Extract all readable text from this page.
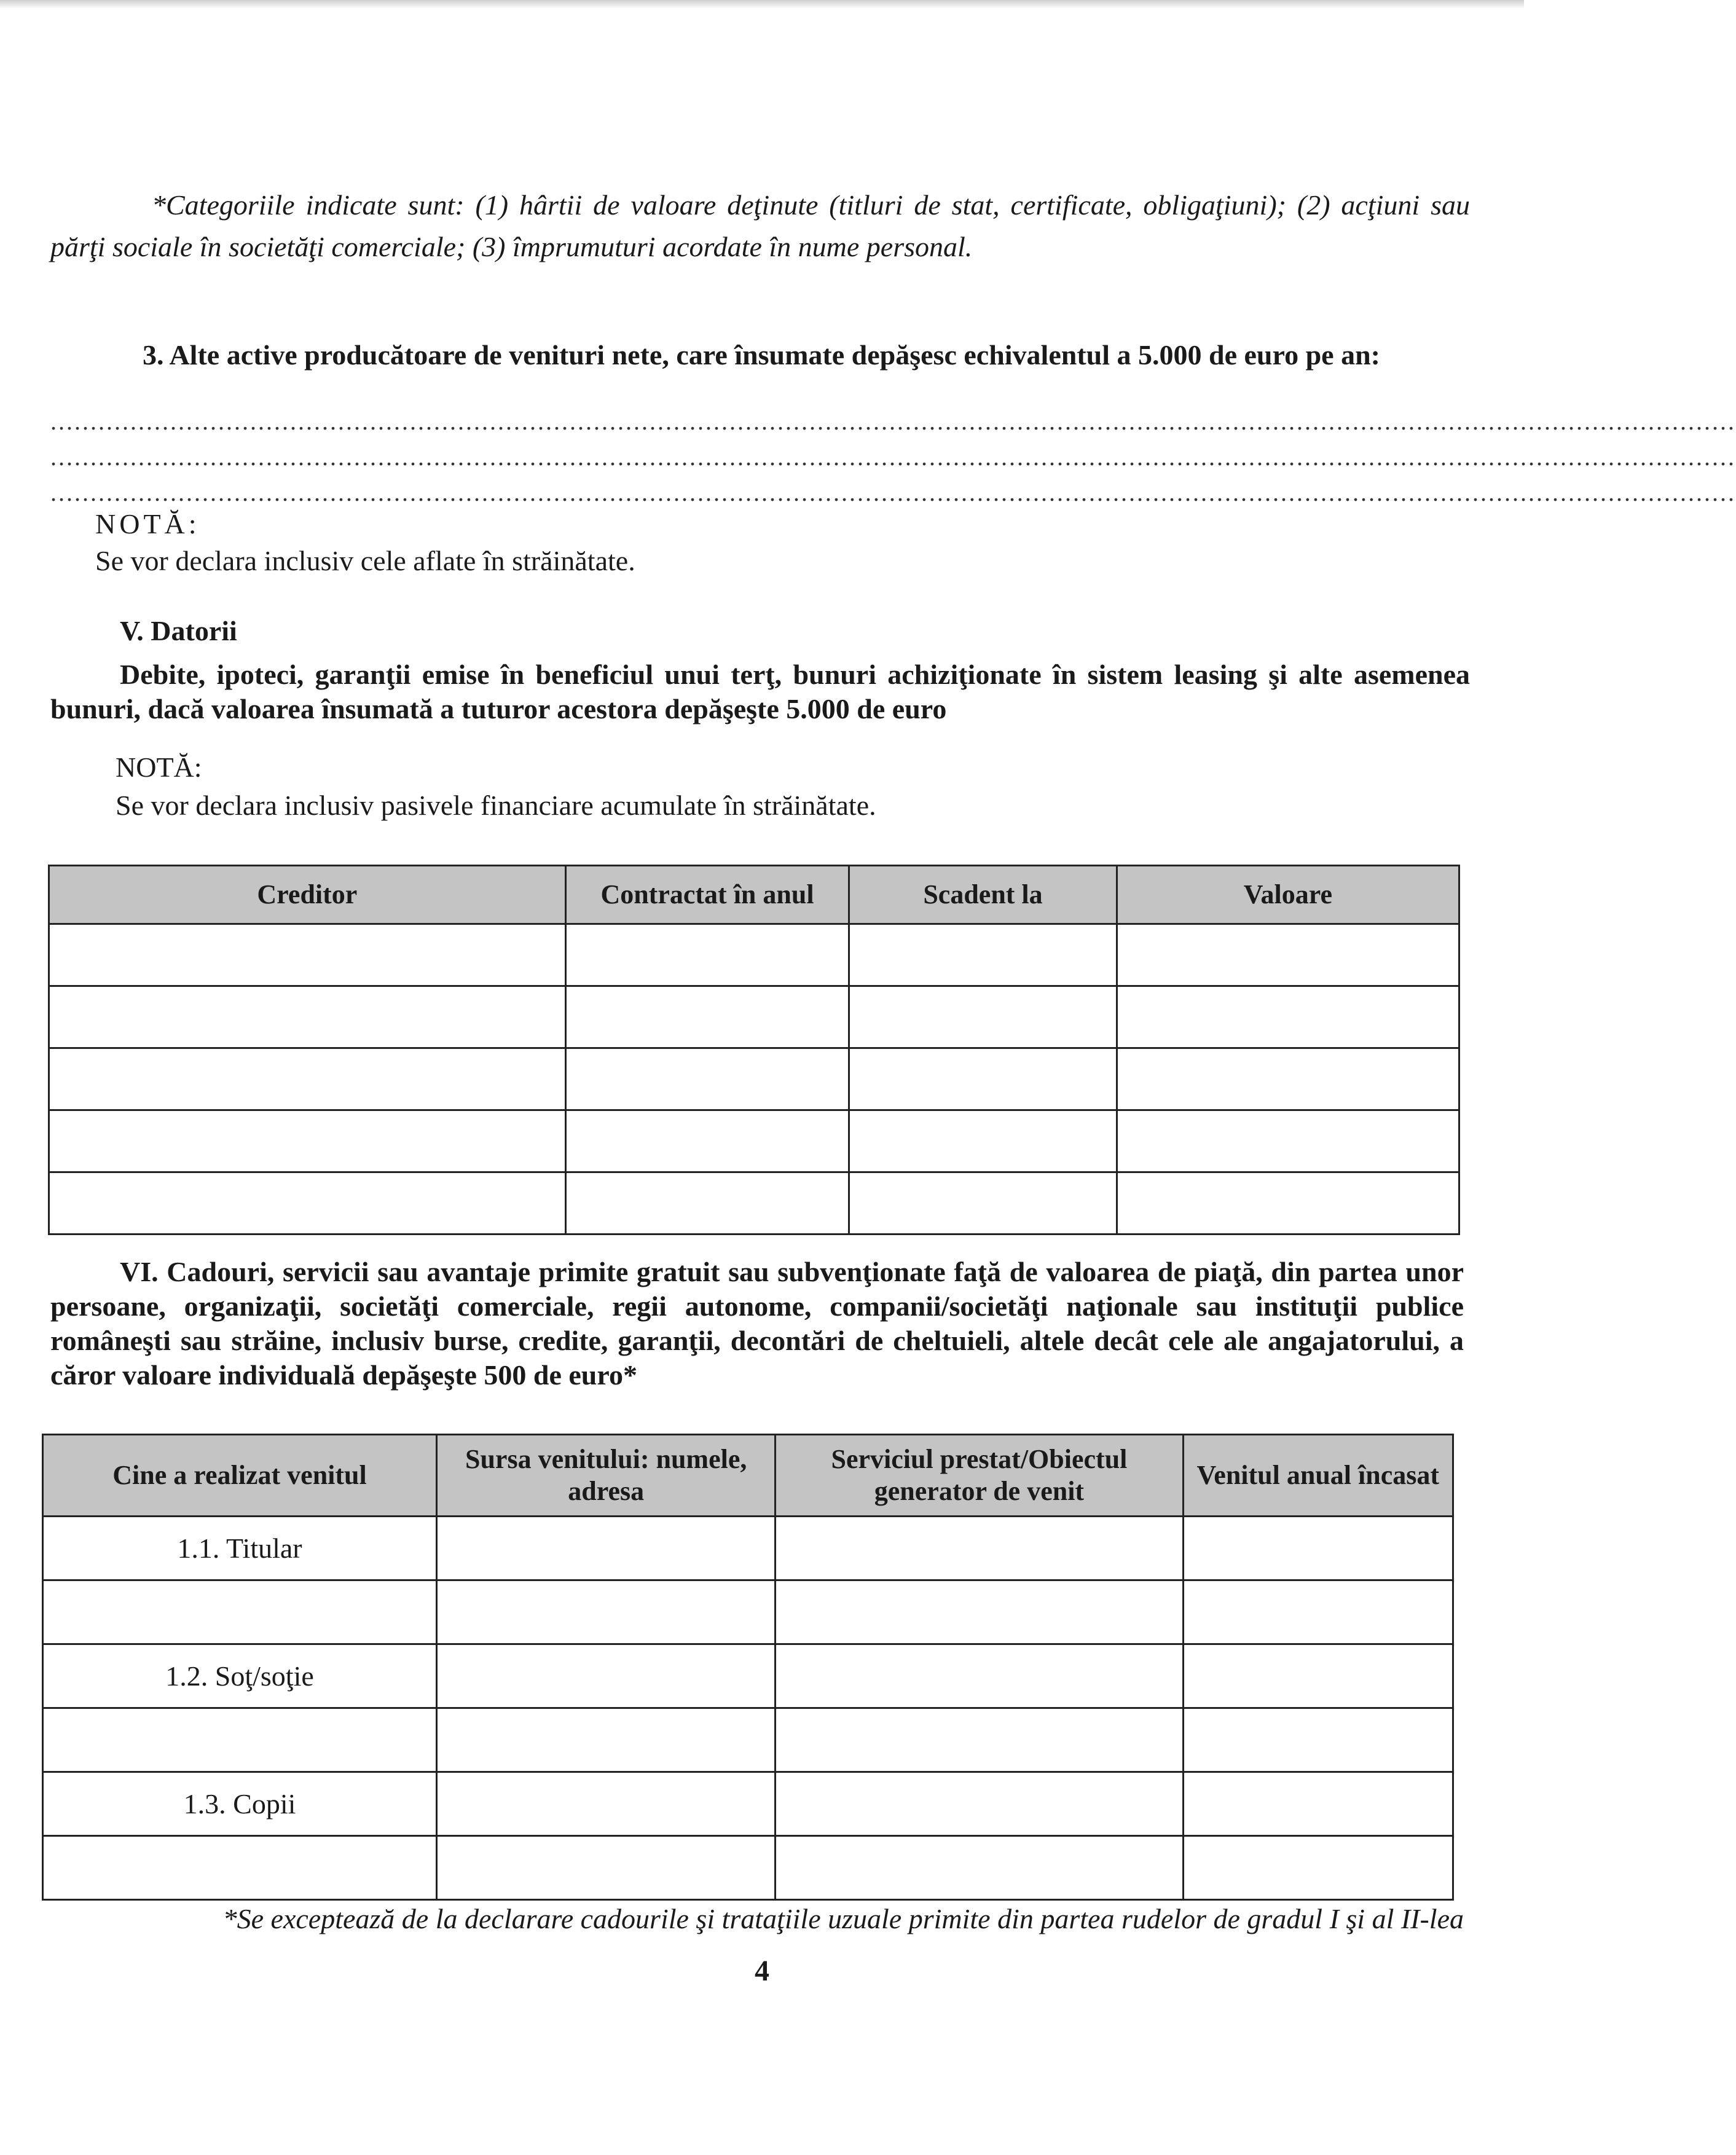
*Categoriile indicate sunt: (1) hârtii de valoare deţinute (titluri de stat, certificate, obligaţiuni); (2) acţiuni sau părţi sociale în societăţi comerciale; (3) împrumuturi acordate în nume personal.
3. Alte active producătoare de venituri nete, care însumate depăşesc echivalentul a 5.000 de euro pe an:
...................................................................................................................................................................................................................
...................................................................................................................................................................................................................
...................................................................................................................................................................................................................
NOTĂ:
Se vor declara inclusiv cele aflate în străinătate.
V. Datorii
Debite, ipoteci, garanţii emise în beneficiul unui terţ, bunuri achiziţionate în sistem leasing şi alte asemenea bunuri, dacă valoarea însumată a tuturor acestora depăşeşte 5.000 de euro
NOTĂ:
Se vor declara inclusiv pasivele financiare acumulate în străinătate.
Creditor	Contractat în anul	Scadent la	Valoare

VI. Cadouri, servicii sau avantaje primite gratuit sau subvenţionate faţă de valoarea de piaţă, din partea unor persoane, organizaţii, societăţi comerciale, regii autonome, companii/societăţi naţionale sau instituţii publice româneşti sau străine, inclusiv burse, credite, garanţii, decontări de cheltuieli, altele decât cele ale angajatorului, a căror valoare individuală depăşeşte 500 de euro*
Cine a realizat venitul	Sursa venitului: numele, adresa	Serviciul prestat/Obiectul generator de venit	Venitul anual încasat
1.1. Titular			

1.2. Soţ/soţie			

1.3. Copii			

*Se exceptează de la declarare cadourile şi trataţiile uzuale primite din partea rudelor de gradul I şi al II-lea
4
